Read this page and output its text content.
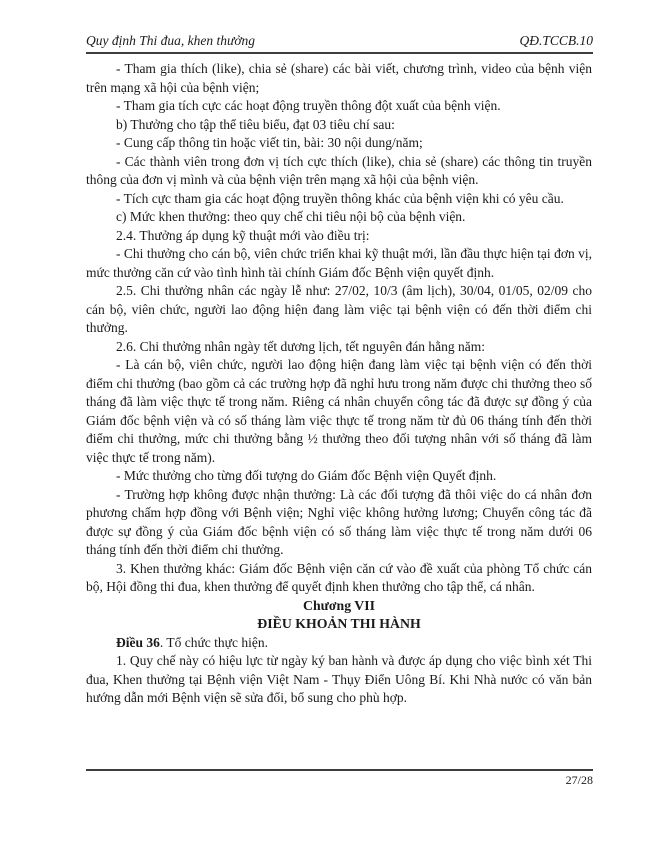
Quy định Thi đua, khen thưởng	QĐ.TCCB.10

- Tham gia thích (like), chia sẻ (share) các bài viết, chương trình, video của bệnh viện trên mạng xã hội của bệnh viện;

- Tham gia tích cực các hoạt động truyền thông đột xuất của bệnh viện.

b) Thưởng cho tập thể tiêu biểu, đạt 03 tiêu chí sau:

- Cung cấp thông tin hoặc viết tin, bài: 30 nội dung/năm;

- Các thành viên trong đơn vị tích cực thích (like), chia sẻ (share) các thông tin truyền thông của đơn vị mình và của bệnh viện trên mạng xã hội của bệnh viện.

- Tích cực tham gia các hoạt động truyền thông khác của bệnh viện khi có yêu cầu.

c) Mức khen thưởng: theo quy chế chi tiêu nội bộ của bệnh viện.

2.4. Thưởng áp dụng kỹ thuật mới vào điều trị:

- Chi thưởng cho cán bộ, viên chức triển khai kỹ thuật mới, lần đầu thực hiện tại đơn vị, mức thưởng căn cứ vào tình hình tài chính Giám đốc Bệnh viện quyết định.

2.5. Chi thưởng nhân các ngày lễ như: 27/02, 10/3 (âm lịch), 30/04, 01/05, 02/09 cho cán bộ, viên chức, người lao động hiện đang làm việc tại bệnh viện có đến thời điểm chi thưởng.

2.6. Chi thưởng nhân ngày tết dương lịch, tết nguyên đán hằng năm:

- Là cán bộ, viên chức, người lao động hiện đang làm việc tại bệnh viện có đến thời điểm chi thưởng (bao gồm cả các trường hợp đã nghỉ hưu trong năm được chi thưởng theo số tháng đã làm việc thực tế trong năm. Riêng cá nhân chuyển công tác đã được sự đồng ý của Giám đốc bệnh viện và có số tháng làm việc thực tế trong năm từ đủ 06 tháng tính đến thời điểm chi thưởng, mức chi thưởng bằng ½ thưởng theo đối tượng nhân với số tháng đã làm việc thực tế trong năm).

- Mức thưởng cho từng đối tượng do Giám đốc Bệnh viện Quyết định.

- Trường hợp không được nhận thưởng: Là các đối tượng đã thôi việc do cá nhân đơn phương chấm hợp đồng với Bệnh viện; Nghỉ việc không hưởng lương; Chuyển công tác đã được sự đồng ý của Giám đốc bệnh viện có số tháng làm việc thực tế trong năm dưới 06 tháng tính đến thời điểm chi thưởng.

3. Khen thưởng khác: Giám đốc Bệnh viện căn cứ vào đề xuất của phòng Tổ chức cán bộ, Hội đồng thi đua, khen thưởng để quyết định khen thưởng cho tập thể, cá nhân.

Chương VII

ĐIỀU KHOẢN THI HÀNH

Điều 36. Tổ chức thực hiện.

1. Quy chế này có hiệu lực từ ngày ký ban hành và được áp dụng cho việc bình xét Thi đua, Khen thưởng tại Bệnh viện Việt Nam - Thụy Điển Uông Bí. Khi Nhà nước có văn bản hướng dẫn mới Bệnh viện sẽ sửa đổi, bổ sung cho phù hợp.

27/28
